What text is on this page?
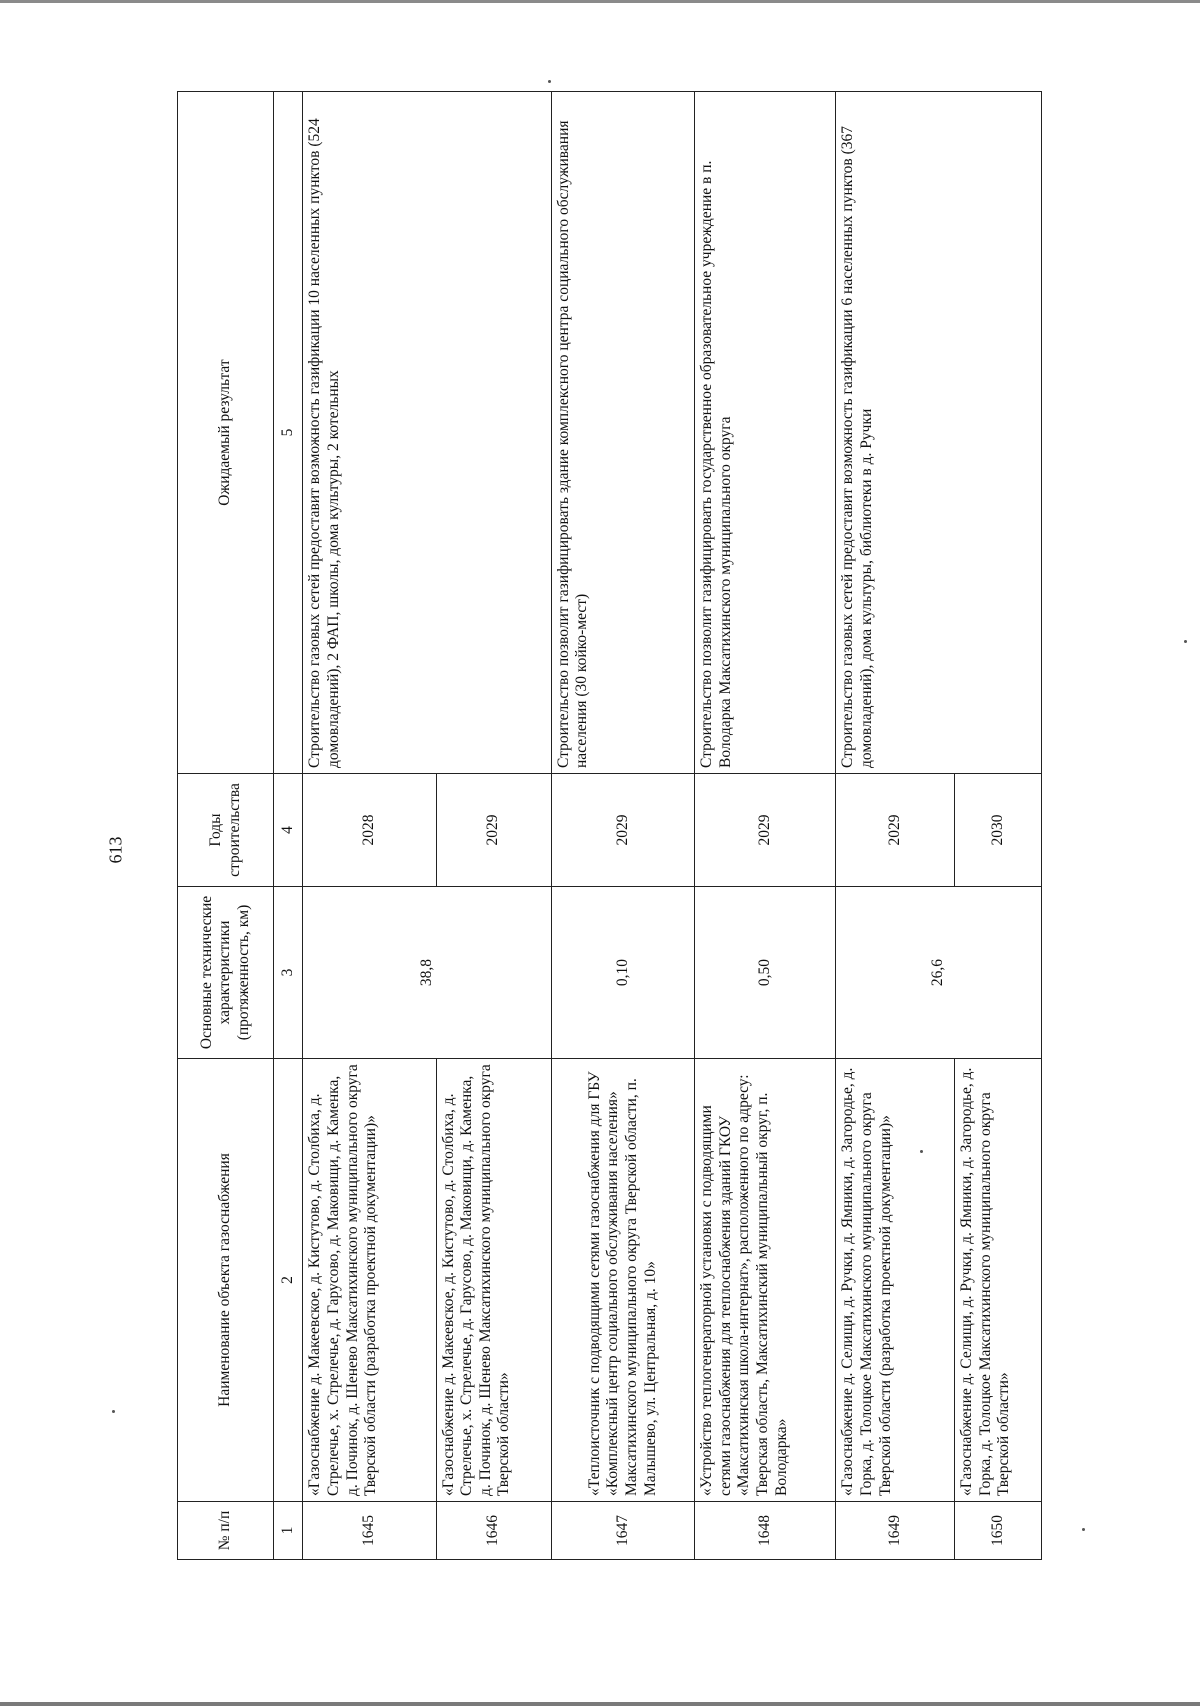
613
№ п/п	Наименование объекта газоснабжения	Основные технические характеристики (протяженность, км)	Годы строительства	Ожидаемый результат
1	2	3	4	5
1645	«Газоснабжение д. Макеевское, д. Кистутово, д. Столбиха, д. Стрелечье, х. Стрелечье, д. Гарусово, д. Маковищи, д. Каменка, д. Починок, д. Шенево Максатихинского муниципального округа Тверской области (разработка проектной документации)»	38,8	2028	Строительство газовых сетей предоставит возможность газификации 10 населенных пунктов (524 домовладений), 2 ФАП, школы, дома культуры, 2 котельных
1646	«Газоснабжение д. Макеевское, д. Кистутово, д. Столбиха, д. Стрелечье, х. Стрелечье, д. Гарусово, д. Маковищи, д. Каменка, д. Починок, д. Шенево Максатихинского муниципального округа Тверской области»		2029	
1647	«Теплоисточник с подводящими сетями газоснабжения для ГБУ «Комплексный центр социального обслуживания населения» Максатихинского муниципального округа Тверской области, п. Малышево, ул. Центральная, д. 10»	0,10	2029	Строительство позволит газифицировать здание комплексного центра социального обслуживания населения (30 койко-мест)
1648	«Устройство теплогенераторной установки с подводящими сетями газоснабжения для теплоснабжения зданий ГКОУ «Максатихинская школа-интернат», расположенного по адресу: Тверская область, Максатихинский муниципальный округ, п. Володарка»	0,50	2029	Строительство позволит газифицировать государственное образовательное учреждение в п. Володарка Максатихинского муниципального округа
1649	«Газоснабжение д. Селищи, д. Ручки, д. Ямники, д. Загородье, д. Горка, д. Толоцкое Максатихинского муниципального округа Тверской области (разработка проектной документации)»	26,6	2029	Строительство газовых сетей предоставит возможность газификации 6 населенных пунктов (367 домовладений), дома культуры, библиотеки в д. Ручки
1650	«Газоснабжение д. Селищи, д. Ручки, д. Ямники, д. Загородье, д. Горка, д. Толоцкое Максатихинского муниципального округа Тверской области»		2030	
